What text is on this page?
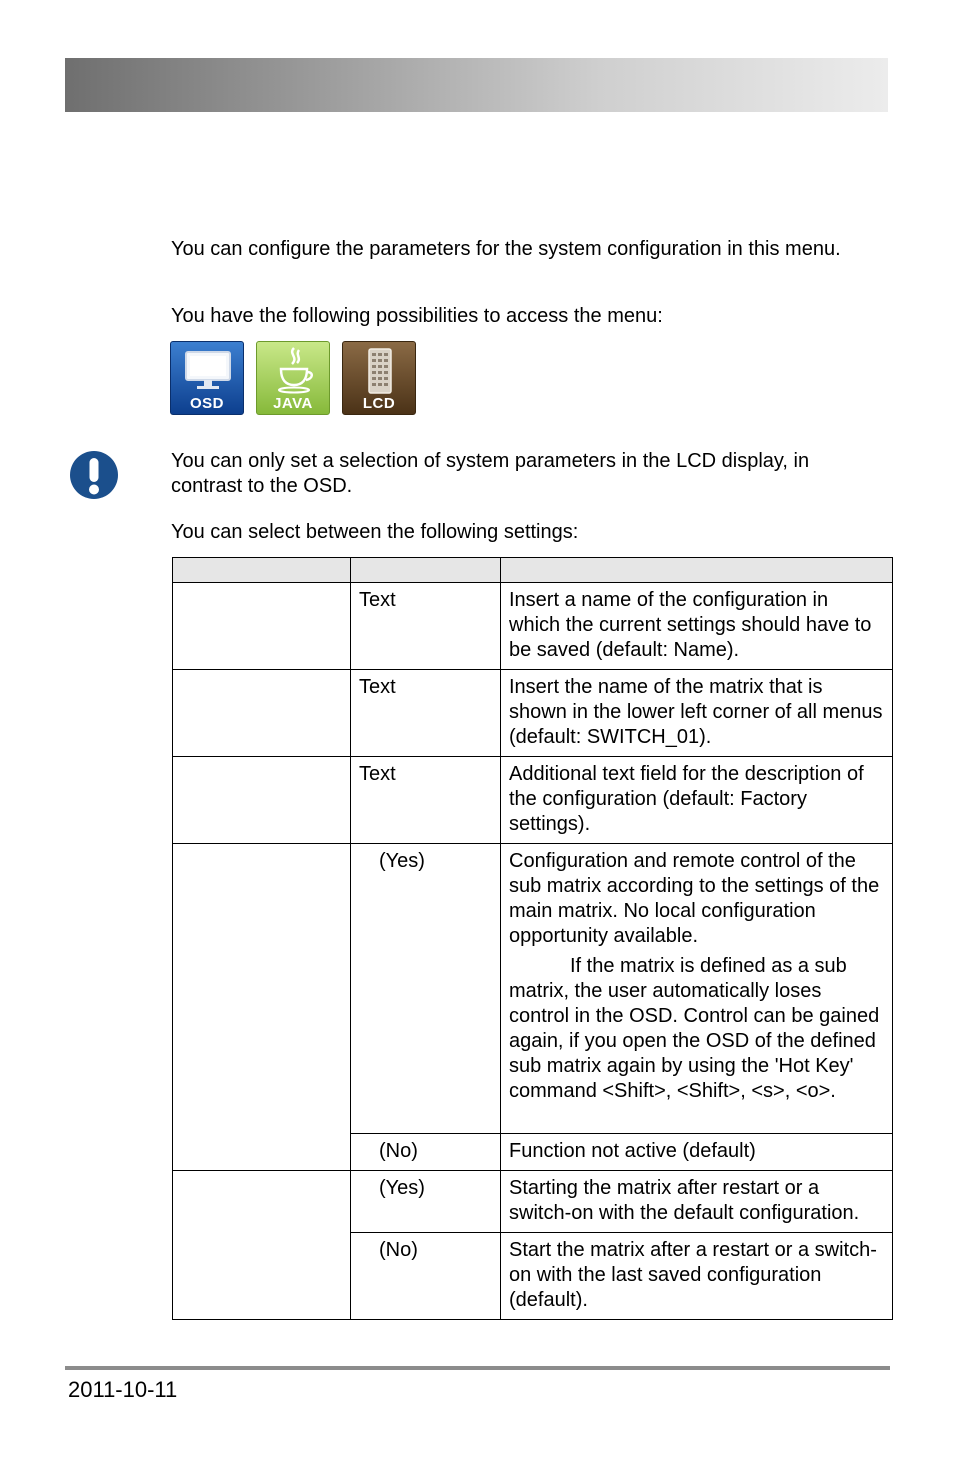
You can configure the parameters for the system configuration in this menu.

You have the following possibilities to access the menu:

OSD	JAVA	LCD

You can only set a selection of system parameters in the LCD display, in contrast to the OSD.

You can select between the following settings:

	Text	Insert a name of the configuration in which the current settings should have to be saved (default: Name).
	Text	Insert the name of the matrix that is shown in the lower left corner of all menus (default: SWITCH_01).
	Text	Additional text field for the description of the configuration (default: Factory settings).
	(Yes)	Configuration and remote control of the sub matrix according to the settings of the main matrix. No local configuration opportunity available.
If the matrix is defined as a sub matrix, the user automatically loses control in the OSD. Control can be gained again, if you open the OSD of the defined sub matrix again by using the 'Hot Key' command <Shift>, <Shift>, <s>, <o>.

	(No)	Function not active (default)
	(Yes)	Starting the matrix after restart or a switch-on with the default configuration.
	(No)	Start the matrix after a restart or a switch-on with the last saved configuration (default).
2011-10-11
